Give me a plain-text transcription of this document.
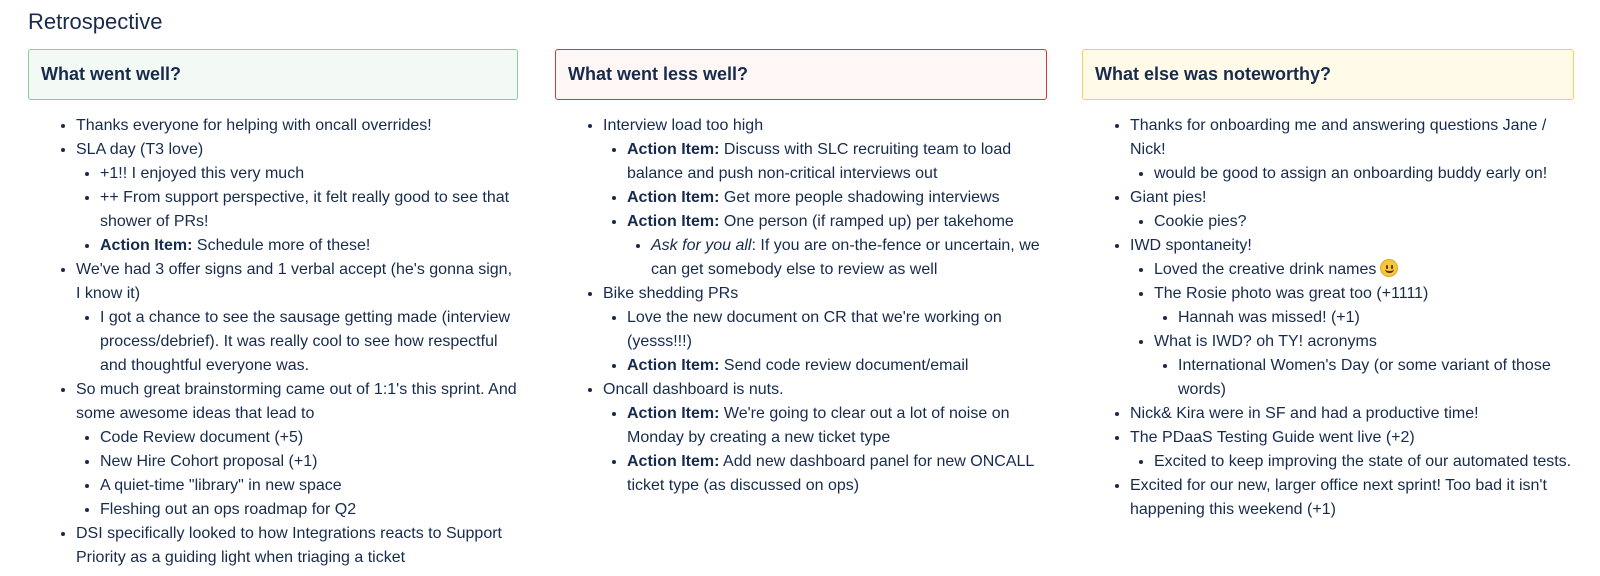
Retrospective
What went well?
• Thanks everyone for helping with oncall overrides!
• SLA day (T3 love)
• +1!! I enjoyed this very much
• ++ From support perspective, it felt really good to see that shower of PRs!
• Action Item: Schedule more of these!
• We've had 3 offer signs and 1 verbal accept (he's gonna sign, I know it)
• I got a chance to see the sausage getting made (interview process/debrief). It was really cool to see how respectful and thoughtful everyone was.
• So much great brainstorming came out of 1:1's this sprint. And some awesome ideas that lead to
• Code Review document (+5)
• New Hire Cohort proposal (+1)
• A quiet-time "library" in new space
• Fleshing out an ops roadmap for Q2
• DSI specifically looked to how Integrations reacts to Support Priority as a guiding light when triaging a ticket
What went less well?
• Interview load too high
• Action Item: Discuss with SLC recruiting team to load balance and push non-critical interviews out
• Action Item: Get more people shadowing interviews
• Action Item: One person (if ramped up) per takehome
• Ask for you all: If you are on-the-fence or uncertain, we can get somebody else to review as well
• Bike shedding PRs
• Love the new document on CR that we're working on (yesss!!!)
• Action Item: Send code review document/email
• Oncall dashboard is nuts.
• Action Item: We're going to clear out a lot of noise on Monday by creating a new ticket type
• Action Item: Add new dashboard panel for new ONCALL ticket type (as discussed on ops)
What else was noteworthy?
• Thanks for onboarding me and answering questions Jane / Nick!
• would be good to assign an onboarding buddy early on!
• Giant pies!
• Cookie pies?
• IWD spontaneity!
• Loved the creative drink names
• The Rosie photo was great too (+1111)
• Hannah was missed! (+1)
• What is IWD? oh TY! acronyms
• International Women's Day (or some variant of those words)
• Nick& Kira were in SF and had a productive time!
• The PDaaS Testing Guide went live (+2)
• Excited to keep improving the state of our automated tests.
• Excited for our new, larger office next sprint! Too bad it isn't happening this weekend (+1)
